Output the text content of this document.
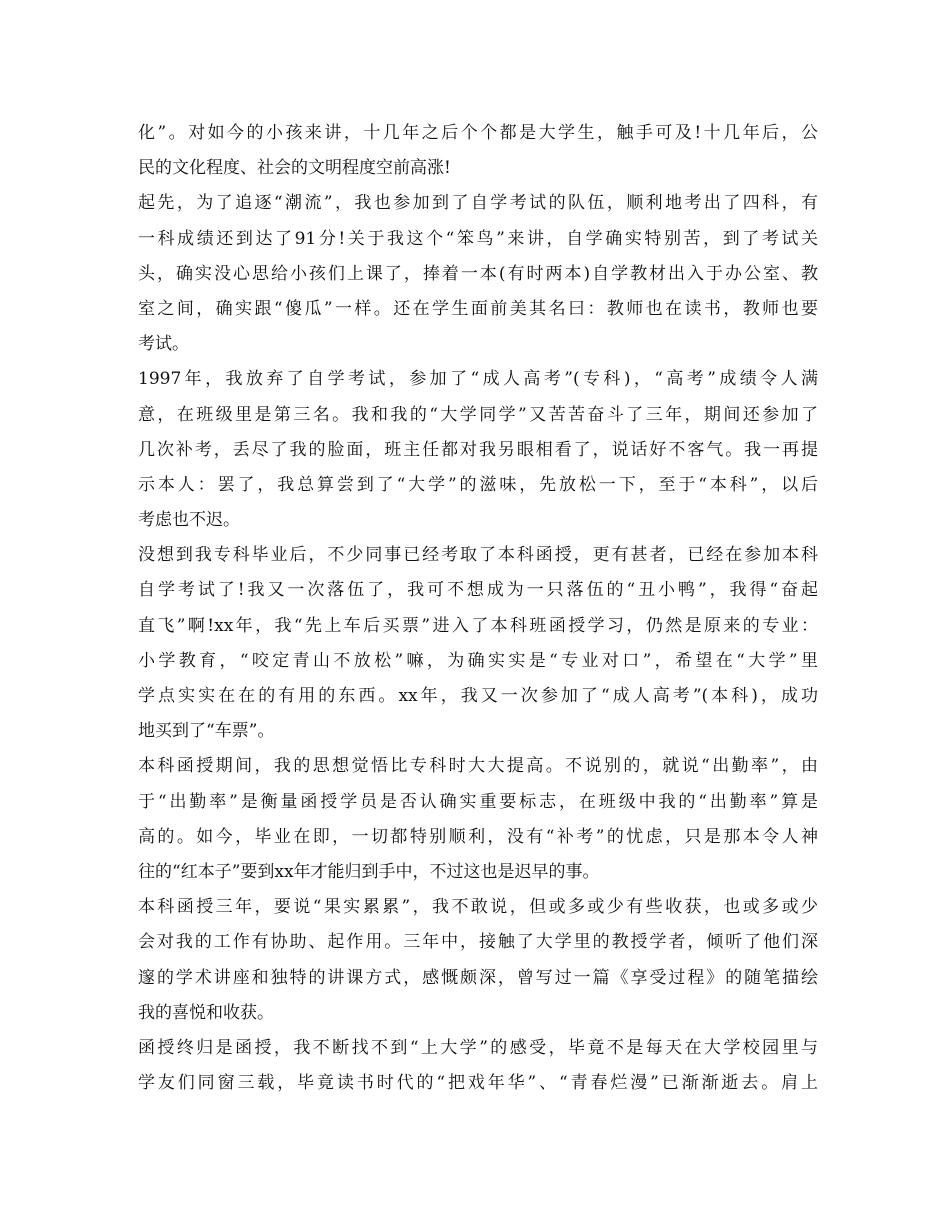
化”。对如今的小孩来讲，十几年之后个个都是大学生，触手可及!十几年后，公
民的文化程度、社会的文明程度空前高涨!
起先，为了追逐“潮流”，我也参加到了自学考试的队伍，顺利地考出了四科，有
一科成绩还到达了91分!关于我这个“笨鸟”来讲，自学确实特别苦，到了考试关
头，确实没心思给小孩们上课了，捧着一本(有时两本)自学教材出入于办公室、教
室之间，确实跟“傻瓜”一样。还在学生面前美其名曰：教师也在读书，教师也要
考试。
1997年，我放弃了自学考试，参加了“成人高考”(专科)，“高考”成绩令人满
意，在班级里是第三名。我和我的“大学同学”又苦苦奋斗了三年，期间还参加了
几次补考，丢尽了我的脸面，班主任都对我另眼相看了，说话好不客气。我一再提
示本人：罢了，我总算尝到了“大学”的滋味，先放松一下，至于“本科”，以后
考虑也不迟。
没想到我专科毕业后，不少同事已经考取了本科函授，更有甚者，已经在参加本科
自学考试了!我又一次落伍了，我可不想成为一只落伍的“丑小鸭”，我得“奋起
直飞”啊!xx年，我“先上车后买票”进入了本科班函授学习，仍然是原来的专业：
小学教育，“咬定青山不放松”嘛，为确实实是“专业对口”，希望在“大学”里
学点实实在在的有用的东西。xx年，我又一次参加了“成人高考”(本科)，成功
地买到了“车票”。
本科函授期间，我的思想觉悟比专科时大大提高。不说别的，就说“出勤率”，由
于“出勤率”是衡量函授学员是否认确实重要标志，在班级中我的“出勤率”算是
高的。如今，毕业在即，一切都特别顺利，没有“补考”的忧虑，只是那本令人神
往的“红本子”要到xx年才能归到手中，不过这也是迟早的事。
本科函授三年，要说“果实累累”，我不敢说，但或多或少有些收获，也或多或少
会对我的工作有协助、起作用。三年中，接触了大学里的教授学者，倾听了他们深
邃的学术讲座和独特的讲课方式，感慨颇深，曾写过一篇《享受过程》的随笔描绘
我的喜悦和收获。
函授终归是函授，我不断找不到“上大学”的感受，毕竟不是每天在大学校园里与
学友们同窗三载，毕竟读书时代的“把戏年华”、“青春烂漫”已渐渐逝去。肩上
